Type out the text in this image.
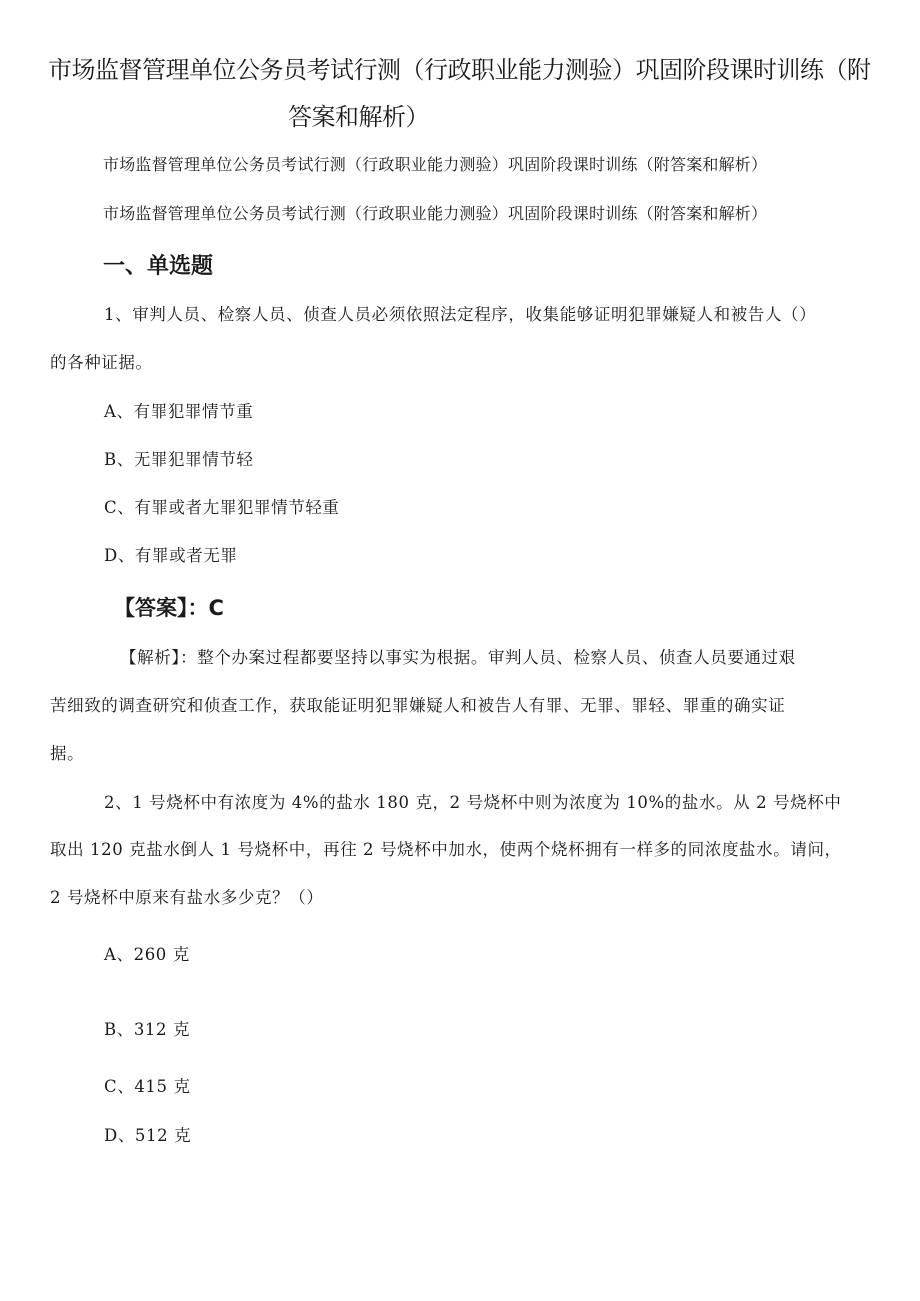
市场监督管理单位公务员考试行测（行政职业能力测验）巩固阶段课时训练（附
答案和解析）
市场监督管理单位公务员考试行测（行政职业能力测验）巩固阶段课时训练（附答案和解析）
市场监督管理单位公务员考试行测（行政职业能力测验）巩固阶段课时训练（附答案和解析）
一、单选题
1、审判人员、检察人员、侦查人员必须依照法定程序，收集能够证明犯罪嫌疑人和被告人（）
的各种证据。
A、有罪犯罪情节重
B、无罪犯罪情节轻
C、有罪或者尢罪犯罪情节轻重
D、有罪或者无罪
【答案】：C
【解析】：整个办案过程都要坚持以事实为根据。审判人员、检察人员、侦查人员要通过艰
苦细致的调查研究和侦查工作，获取能证明犯罪嫌疑人和被告人有罪、无罪、罪轻、罪重的确实证
据。
2、1 号烧杯中有浓度为 4%的盐水 180 克，2 号烧杯中则为浓度为 10%的盐水。从 2 号烧杯中
取出 120 克盐水倒人 1 号烧杯中，再往 2 号烧杯中加水，使两个烧杯拥有一样多的同浓度盐水。请问，
2 号烧杯中原来有盐水多少克？（）
A、260 克
B、312 克
C、415 克
D、512 克
